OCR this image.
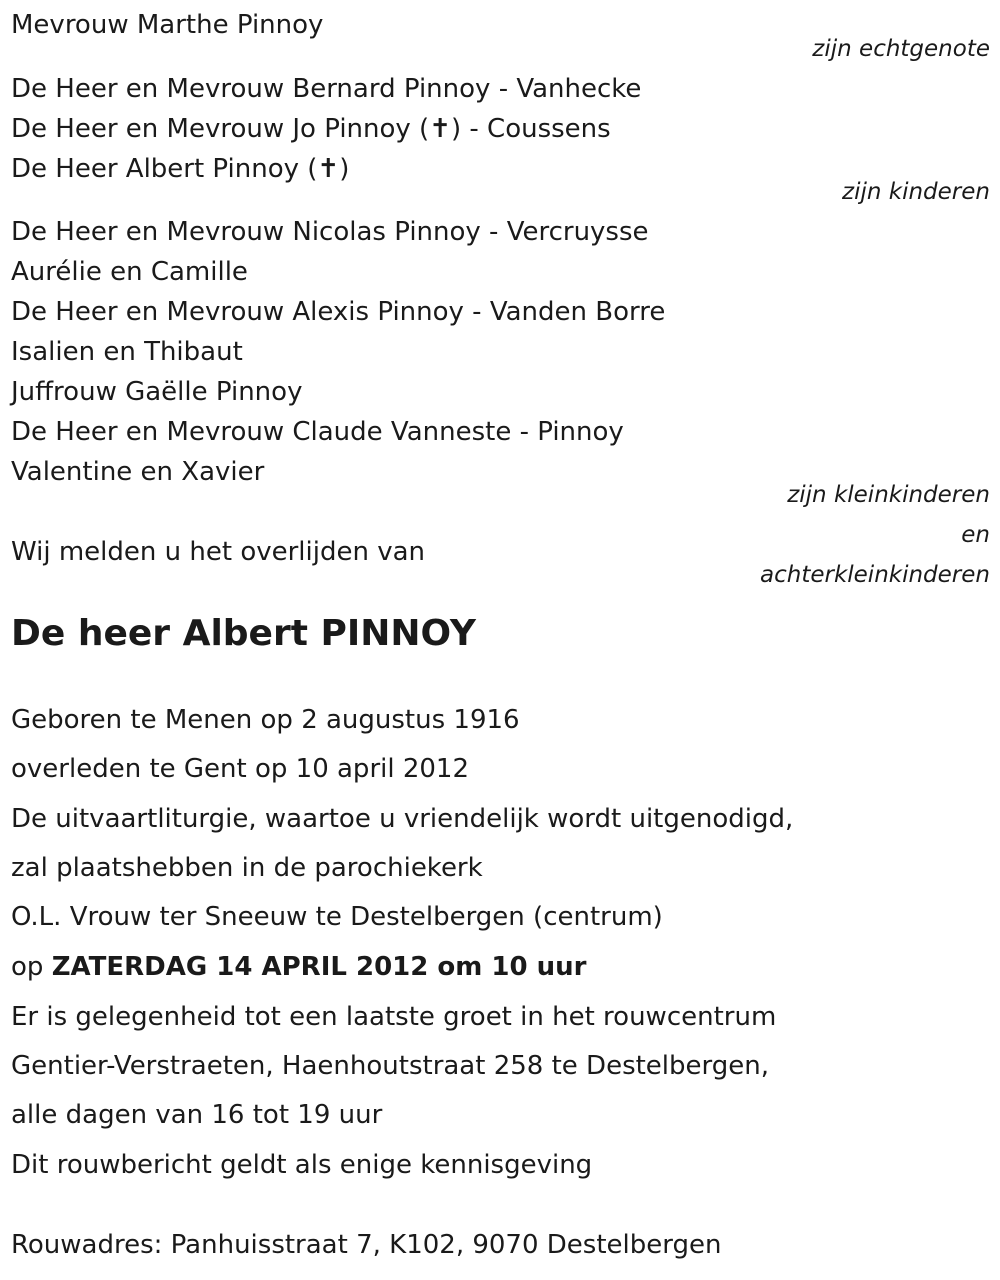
Mevrouw Marthe Pinnoy
zijn echtgenote
De Heer en Mevrouw Bernard Pinnoy - Vanhecke
De Heer en Mevrouw Jo Pinnoy (✝) - Coussens
De Heer Albert Pinnoy (✝)
zijn kinderen
De Heer en Mevrouw Nicolas Pinnoy - Vercruysse
Aurélie en Camille
De Heer en Mevrouw Alexis Pinnoy - Vanden Borre
Isalien en Thibaut
Juffrouw Gaëlle Pinnoy
De Heer en Mevrouw Claude Vanneste - Pinnoy
Valentine en Xavier
zijn kleinkinderen
en
achterkleinkinderen
Wij melden u het overlijden van
De heer Albert PINNOY
Geboren te Menen op 2 augustus 1916
overleden te Gent op 10 april 2012
De uitvaartliturgie, waartoe u vriendelijk wordt uitgenodigd,
zal plaatshebben in de parochiekerk
O.L. Vrouw ter Sneeuw te Destelbergen (centrum)
op ZATERDAG 14 APRIL 2012 om 10 uur
Er is gelegenheid tot een laatste groet in het rouwcentrum
Gentier-Verstraeten, Haenhoutstraat 258 te Destelbergen,
alle dagen van 16 tot 19 uur
Dit rouwbericht geldt als enige kennisgeving
Rouwadres: Panhuisstraat 7, K102, 9070 Destelbergen
